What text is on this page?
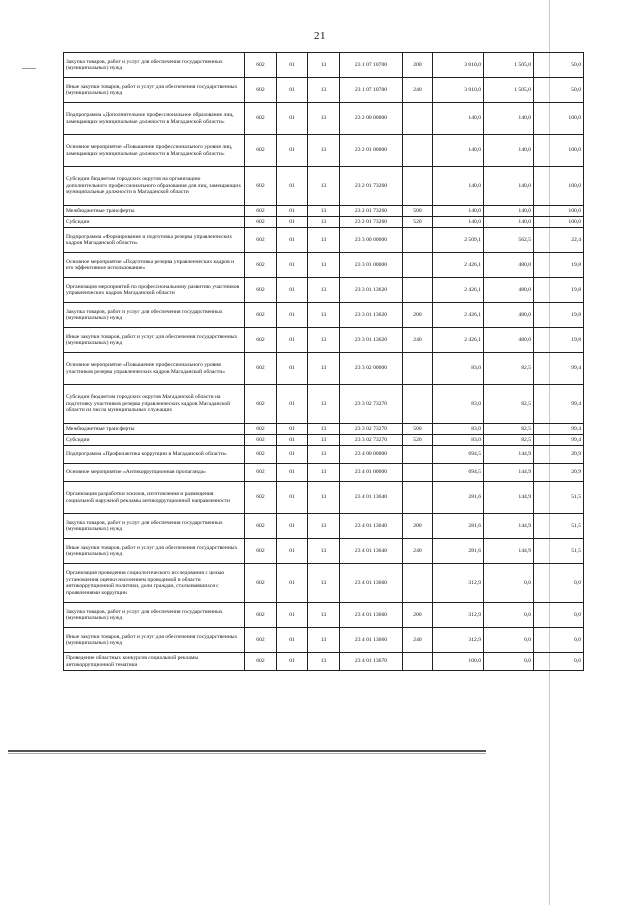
21
Закупка товаров, работ и услуг для обеспечения государственных (муниципальных) нужд	602	01	13	23 1 07 10700	200	3 010,0	1 505,0	50,0
Иные закупки товаров, работ и услуг для обеспечения государственных (муниципальных) нужд	602	01	13	23 1 07 10700	240	3 010,0	1 505,0	50,0
Подпрограмма «Дополнительное профессиональное образование лиц, замещающих муниципальные должности в Магаданской области»	602	01	13	23 2 00 00000		140,0	140,0	100,0
Основное мероприятие «Повышение профессионального уровня лиц, замещающих муниципальные должности в Магаданской области»	602	01	13	23 2 01 00000		140,0	140,0	100,0
Субсидии бюджетам городских округов на организацию дополнительного профессионального образования для лиц, замещающих муниципальные должности в Магаданской области	602	01	13	23 2 01 73260		140,0	140,0	100,0
Межбюджетные трансферты	602	01	13	23 2 01 73260	500	140,0	140,0	100,0
Субсидии	602	01	13	23 2 01 73260	520	140,0	140,0	100,0
Подпрограмма «Формирование и подготовка резерва управленческих кадров Магаданской области»	602	01	13	23 3 00 00000		2 509,1	562,5	22,4
Основное мероприятие «Подготовка резерва управленческих кадров и его эффективное использование»	602	01	13	23 3 01 00000		2 426,1	480,0	19,8
Организация мероприятий по профессиональному развитию участников управленческих кадров Магаданской области	602	01	13	23 3 01 13620		2 426,1	480,0	19,8
Закупка товаров, работ и услуг для обеспечения государственных (муниципальных) нужд	602	01	13	23 3 01 13620	200	2 426,1	480,0	19,8
Иные закупки товаров, работ и услуг для обеспечения государственных (муниципальных) нужд	602	01	13	23 3 01 13620	240	2 426,1	480,0	19,8
Основное мероприятие «Повышение профессионального уровня участников резерва управленческих кадров Магаданской области»	602	01	13	23 3 02 00000		83,0	82,5	99,4
Субсидии бюджетам городских округов Магаданской области на подготовку участников резерва управленческих кадров Магаданской области из числа муниципальных служащих	602	01	13	23 3 02 73270		83,0	82,5	99,4
Межбюджетные трансферты	602	01	13	23 3 02 73270	500	83,0	82,5	99,4
Субсидии	602	01	13	23 3 02 73270	520	83,0	82,5	99,4
Подпрограмма «Профилактика коррупции в Магаданской области»	602	01	13	23 4 00 00000		694,5	144,9	20,9
Основное мероприятие «Антикоррупционная пропаганда»	602	01	13	23 4 01 00000		694,5	144,9	20,9
Организация разработки эскизов, изготовления и размещения социальной наружной рекламы антикоррупционной направленности	602	01	13	23 4 01 13640		281,6	144,9	51,5
Закупка товаров, работ и услуг для обеспечения государственных (муниципальных) нужд	602	01	13	23 4 01 13640	200	281,6	144,9	51,5
Иные закупки товаров, работ и услуг для обеспечения государственных (муниципальных) нужд	602	01	13	23 4 01 13640	240	281,6	144,9	51,5
Организация проведения социологического исследования с целью установления оценки населением проводимой в области антикоррупционной политики, доли граждан, сталкивавшихся с проявлениями коррупции	602	01	13	23 4 01 13660		312,9	0,0	0,0
Закупка товаров, работ и услуг для обеспечения государственных (муниципальных) нужд	602	01	13	23 4 01 13660	200	312,9	0,0	0,0
Иные закупки товаров, работ и услуг для обеспечения государственных (муниципальных) нужд	602	01	13	23 4 01 13660	240	312,9	0,0	0,0
Проведение областных конкурсов социальной рекламы антикоррупционной тематики	602	01	13	23 4 01 13670		100,0	0,0	0,0
